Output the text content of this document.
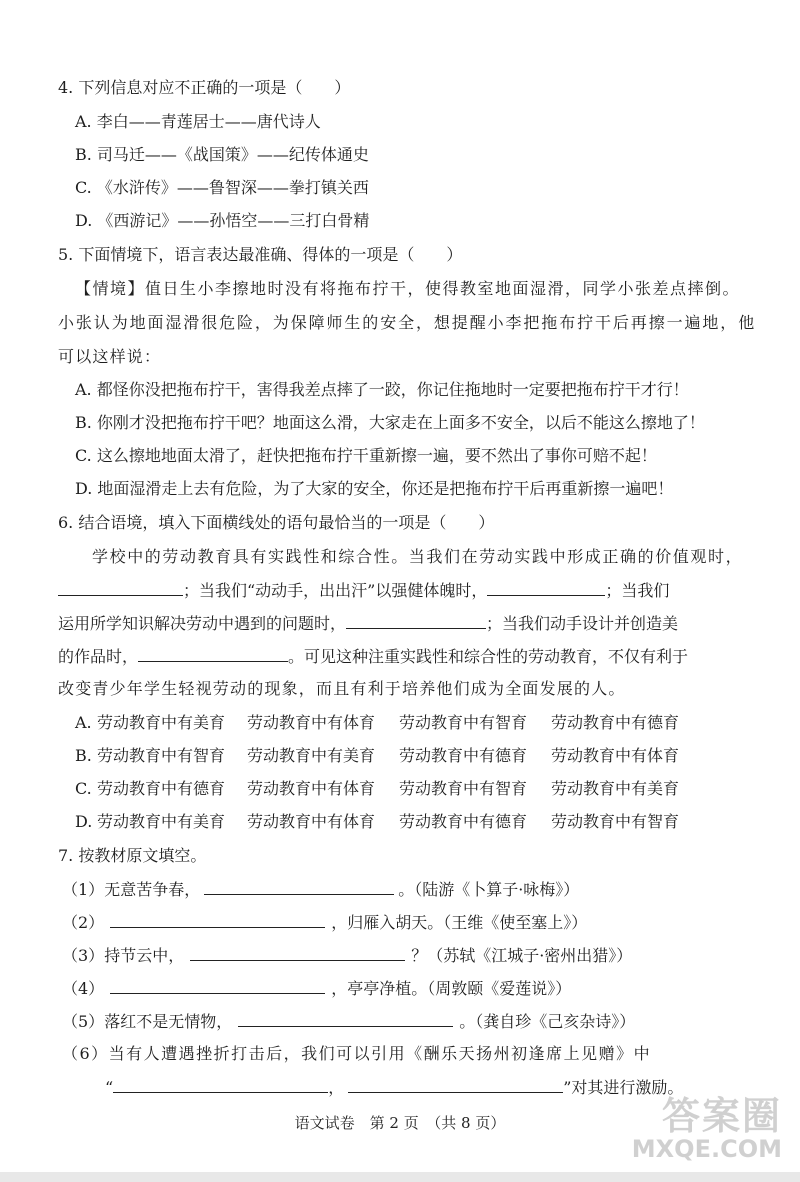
4. 下列信息对应不正确的一项是（　　）
A. 李白——青莲居士——唐代诗人
B. 司马迁——《战国策》——纪传体通史
C. 《水浒传》——鲁智深——拳打镇关西
D. 《西游记》——孙悟空——三打白骨精
5. 下面情境下，语言表达最准确、得体的一项是（　　）
【情境】值日生小李擦地时没有将拖布拧干，使得教室地面湿滑，同学小张差点摔倒。
小张认为地面湿滑很危险，为保障师生的安全，想提醒小李把拖布拧干后再擦一遍地，他
可以这样说：
A. 都怪你没把拖布拧干，害得我差点摔了一跤，你记住拖地时一定要把拖布拧干才行！
B. 你刚才没把拖布拧干吧？地面这么滑，大家走在上面多不安全，以后不能这么擦地了！
C. 这么擦地地面太滑了，赶快把拖布拧干重新擦一遍，要不然出了事你可赔不起！
D. 地面湿滑走上去有危险，为了大家的安全，你还是把拖布拧干后再重新擦一遍吧！
6. 结合语境，填入下面横线处的语句最恰当的一项是（　　）
学校中的劳动教育具有实践性和综合性。当我们在劳动实践中形成正确的价值观时，
；当我们“动动手，出出汗”以强健体魄时，	；当我们
运用所学知识解决劳动中遇到的问题时，	；当我们动手设计并创造美
的作品时，	。可见这种注重实践性和综合性的劳动教育，不仅有利于
改变青少年学生轻视劳动的现象，而且有利于培养他们成为全面发展的人。
A. 劳动教育中有美育 劳动教育中有体育 劳动教育中有智育 劳动教育中有德育
B. 劳动教育中有智育 劳动教育中有美育 劳动教育中有德育 劳动教育中有体育
C. 劳动教育中有德育 劳动教育中有体育 劳动教育中有智育 劳动教育中有美育
D. 劳动教育中有美育 劳动教育中有体育 劳动教育中有德育 劳动教育中有智育
7. 按教材原文填空。
（1）无意苦争春，	。（陆游《卜算子·咏梅》）
（2）	，归雁入胡天。（王维《使至塞上》）
（3）持节云中，	？（苏轼《江城子·密州出猎》）
（4）	，亭亭净植。（周敦颐《爱莲说》）
（5）落红不是无情物，	。（龚自珍《己亥杂诗》）
（6）当有人遭遇挫折打击后，我们可以引用《酬乐天扬州初逢席上见赠》中
“	，	”对其进行激励。
语文试卷　第 2 页　（共 8 页）	答案圈
MXQE.COM
